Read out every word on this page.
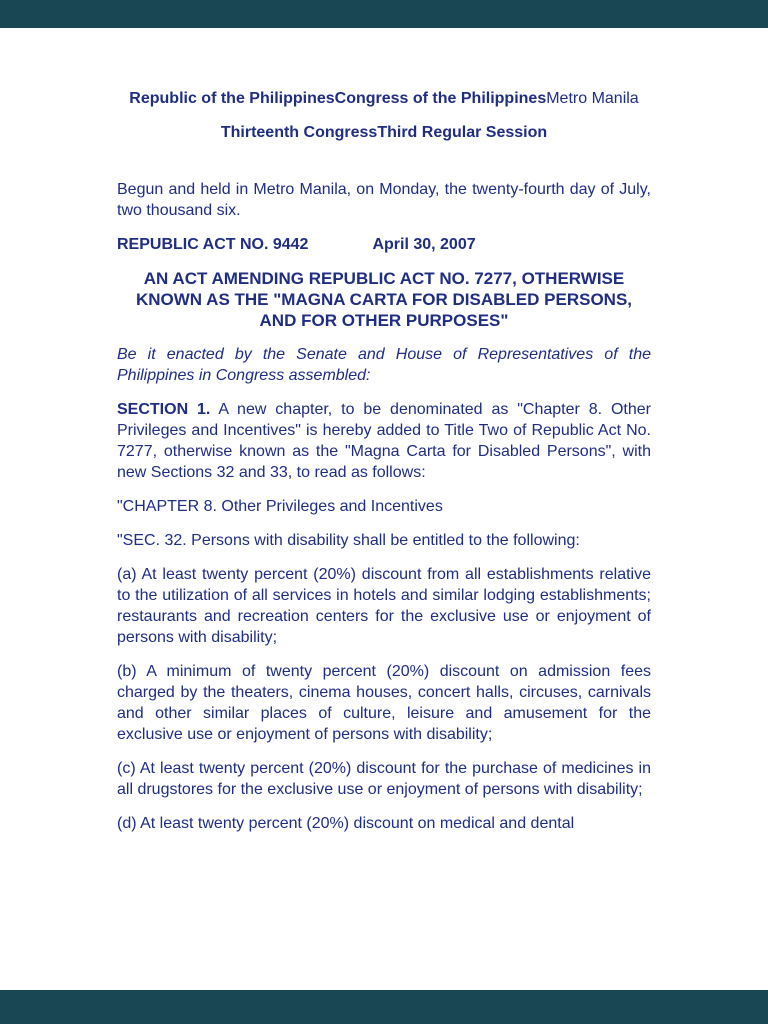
Republic of the PhilippinesCongress of the PhilippinesMetro Manila

Thirteenth CongressThird Regular Session

Begun and held in Metro Manila, on Monday, the twenty-fourth day of July, two thousand six.

REPUBLIC ACT NO. 9442	April 30, 2007

AN ACT AMENDING REPUBLIC ACT NO. 7277, OTHERWISE KNOWN AS THE "MAGNA CARTA FOR DISABLED PERSONS, AND FOR OTHER PURPOSES"

Be it enacted by the Senate and House of Representatives of the Philippines in Congress assembled:

SECTION 1. A new chapter, to be denominated as "Chapter 8. Other Privileges and Incentives" is hereby added to Title Two of Republic Act No. 7277, otherwise known as the "Magna Carta for Disabled Persons", with new Sections 32 and 33, to read as follows:

"CHAPTER 8. Other Privileges and Incentives

"SEC. 32. Persons with disability shall be entitled to the following:

(a) At least twenty percent (20%) discount from all establishments relative to the utilization of all services in hotels and similar lodging establishments; restaurants and recreation centers for the exclusive use or enjoyment of persons with disability;

(b) A minimum of twenty percent (20%) discount on admission fees charged by the theaters, cinema houses, concert halls, circuses, carnivals and other similar places of culture, leisure and amusement for the exclusive use or enjoyment of persons with disability;

(c) At least twenty percent (20%) discount for the purchase of medicines in all drugstores for the exclusive use or enjoyment of persons with disability;

(d) At least twenty percent (20%) discount on medical and dental
